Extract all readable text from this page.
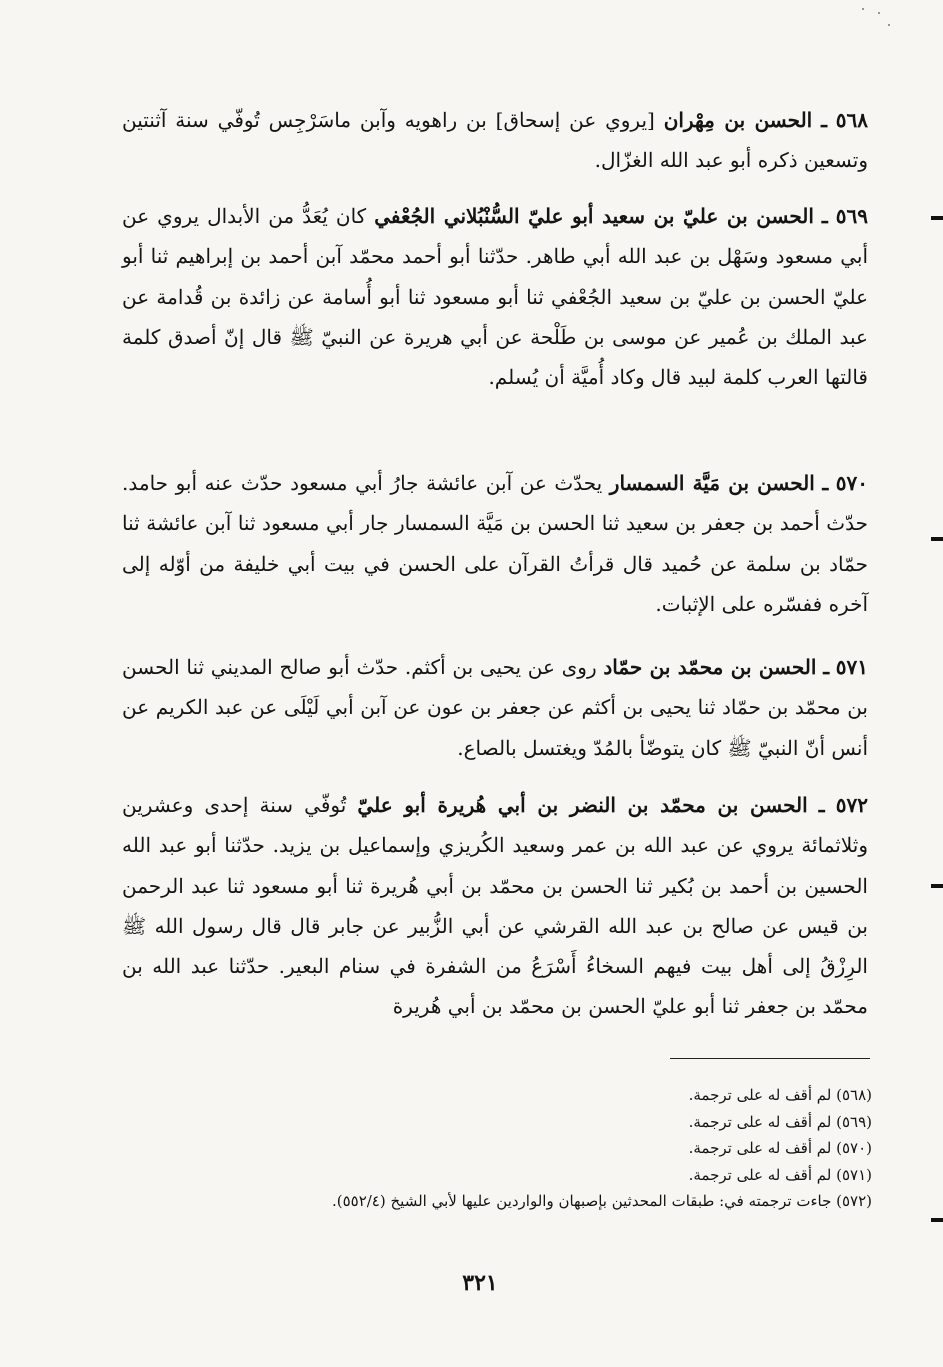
٥٦٨ ـ الحسن بن مِهْران [يروي عن إسحاق] بن راهويه وآبن ماسَرْجِس تُوفّي سنة آثنتين وتسعين ذكره أبو عبد الله الغزّال.

٥٦٩ ـ الحسن بن عليّ بن سعيد أبو عليّ السُّنْبُلاني الجُعْفي كان يُعَدُّ من الأبدال يروي عن أبي مسعود وسَهْل بن عبد الله أبي طاهر. حدّثنا أبو أحمد محمّد آبن أحمد بن إبراهيم ثنا أبو عليّ الحسن بن عليّ بن سعيد الجُعْفي ثنا أبو مسعود ثنا أبو أُسامة عن زائدة بن قُدامة عن عبد الملك بن عُمير عن موسى بن طَلْحة عن أبي هريرة عن النبيّ ﷺ قال إنّ أصدق كلمة قالتها العرب كلمة لبيد قال وكاد أُميَّة أن يُسلم.

٥٧٠ ـ الحسن بن مَيَّة السمسار يحدّث عن آبن عائشة جارُ أبي مسعود حدّث عنه أبو حامد. حدّث أحمد بن جعفر بن سعيد ثنا الحسن بن مَيَّة السمسار جار أبي مسعود ثنا آبن عائشة ثنا حمّاد بن سلمة عن حُميد قال قرأتُ القرآن على الحسن في بيت أبي خليفة من أوّله إلى آخره ففسّره على الإثبات.

٥٧١ ـ الحسن بن محمّد بن حمّاد روى عن يحيى بن أكثم. حدّث أبو صالح المديني ثنا الحسن بن محمّد بن حمّاد ثنا يحيى بن أكثم عن جعفر بن عون عن آبن أبي لَيْلَى عن عبد الكريم عن أنس أنّ النبيّ ﷺ كان يتوضّأ بالمُدّ ويغتسل بالصاع.

٥٧٢ ـ الحسن بن محمّد بن النضر بن أبي هُريرة أبو عليّ تُوفّي سنة إحدى وعشرين وثلاثمائة يروي عن عبد الله بن عمر وسعيد الكُريزي وإسماعيل بن يزيد. حدّثنا أبو عبد الله الحسين بن أحمد بن بُكير ثنا الحسن بن محمّد بن أبي هُريرة ثنا أبو مسعود ثنا عبد الرحمن بن قيس عن صالح بن عبد الله القرشي عن أبي الزُّبير عن جابر قال قال رسول الله ﷺ الرِزْقُ إلى أهل بيت فيهم السخاءُ أَسْرَعُ من الشفرة في سنام البعير. حدّثنا عبد الله بن محمّد بن جعفر ثنا أبو عليّ الحسن بن محمّد بن أبي هُريرة

(٥٦٨) لم أقف له على ترجمة.

(٥٦٩) لم أقف له على ترجمة.

(٥٧٠) لم أقف له على ترجمة.

(٥٧١) لم أقف له على ترجمة.

(٥٧٢) جاءت ترجمته في: طبقات المحدثين بإصبهان والواردين عليها لأبي الشيخ (٥٥٢/٤).

٣٢١
